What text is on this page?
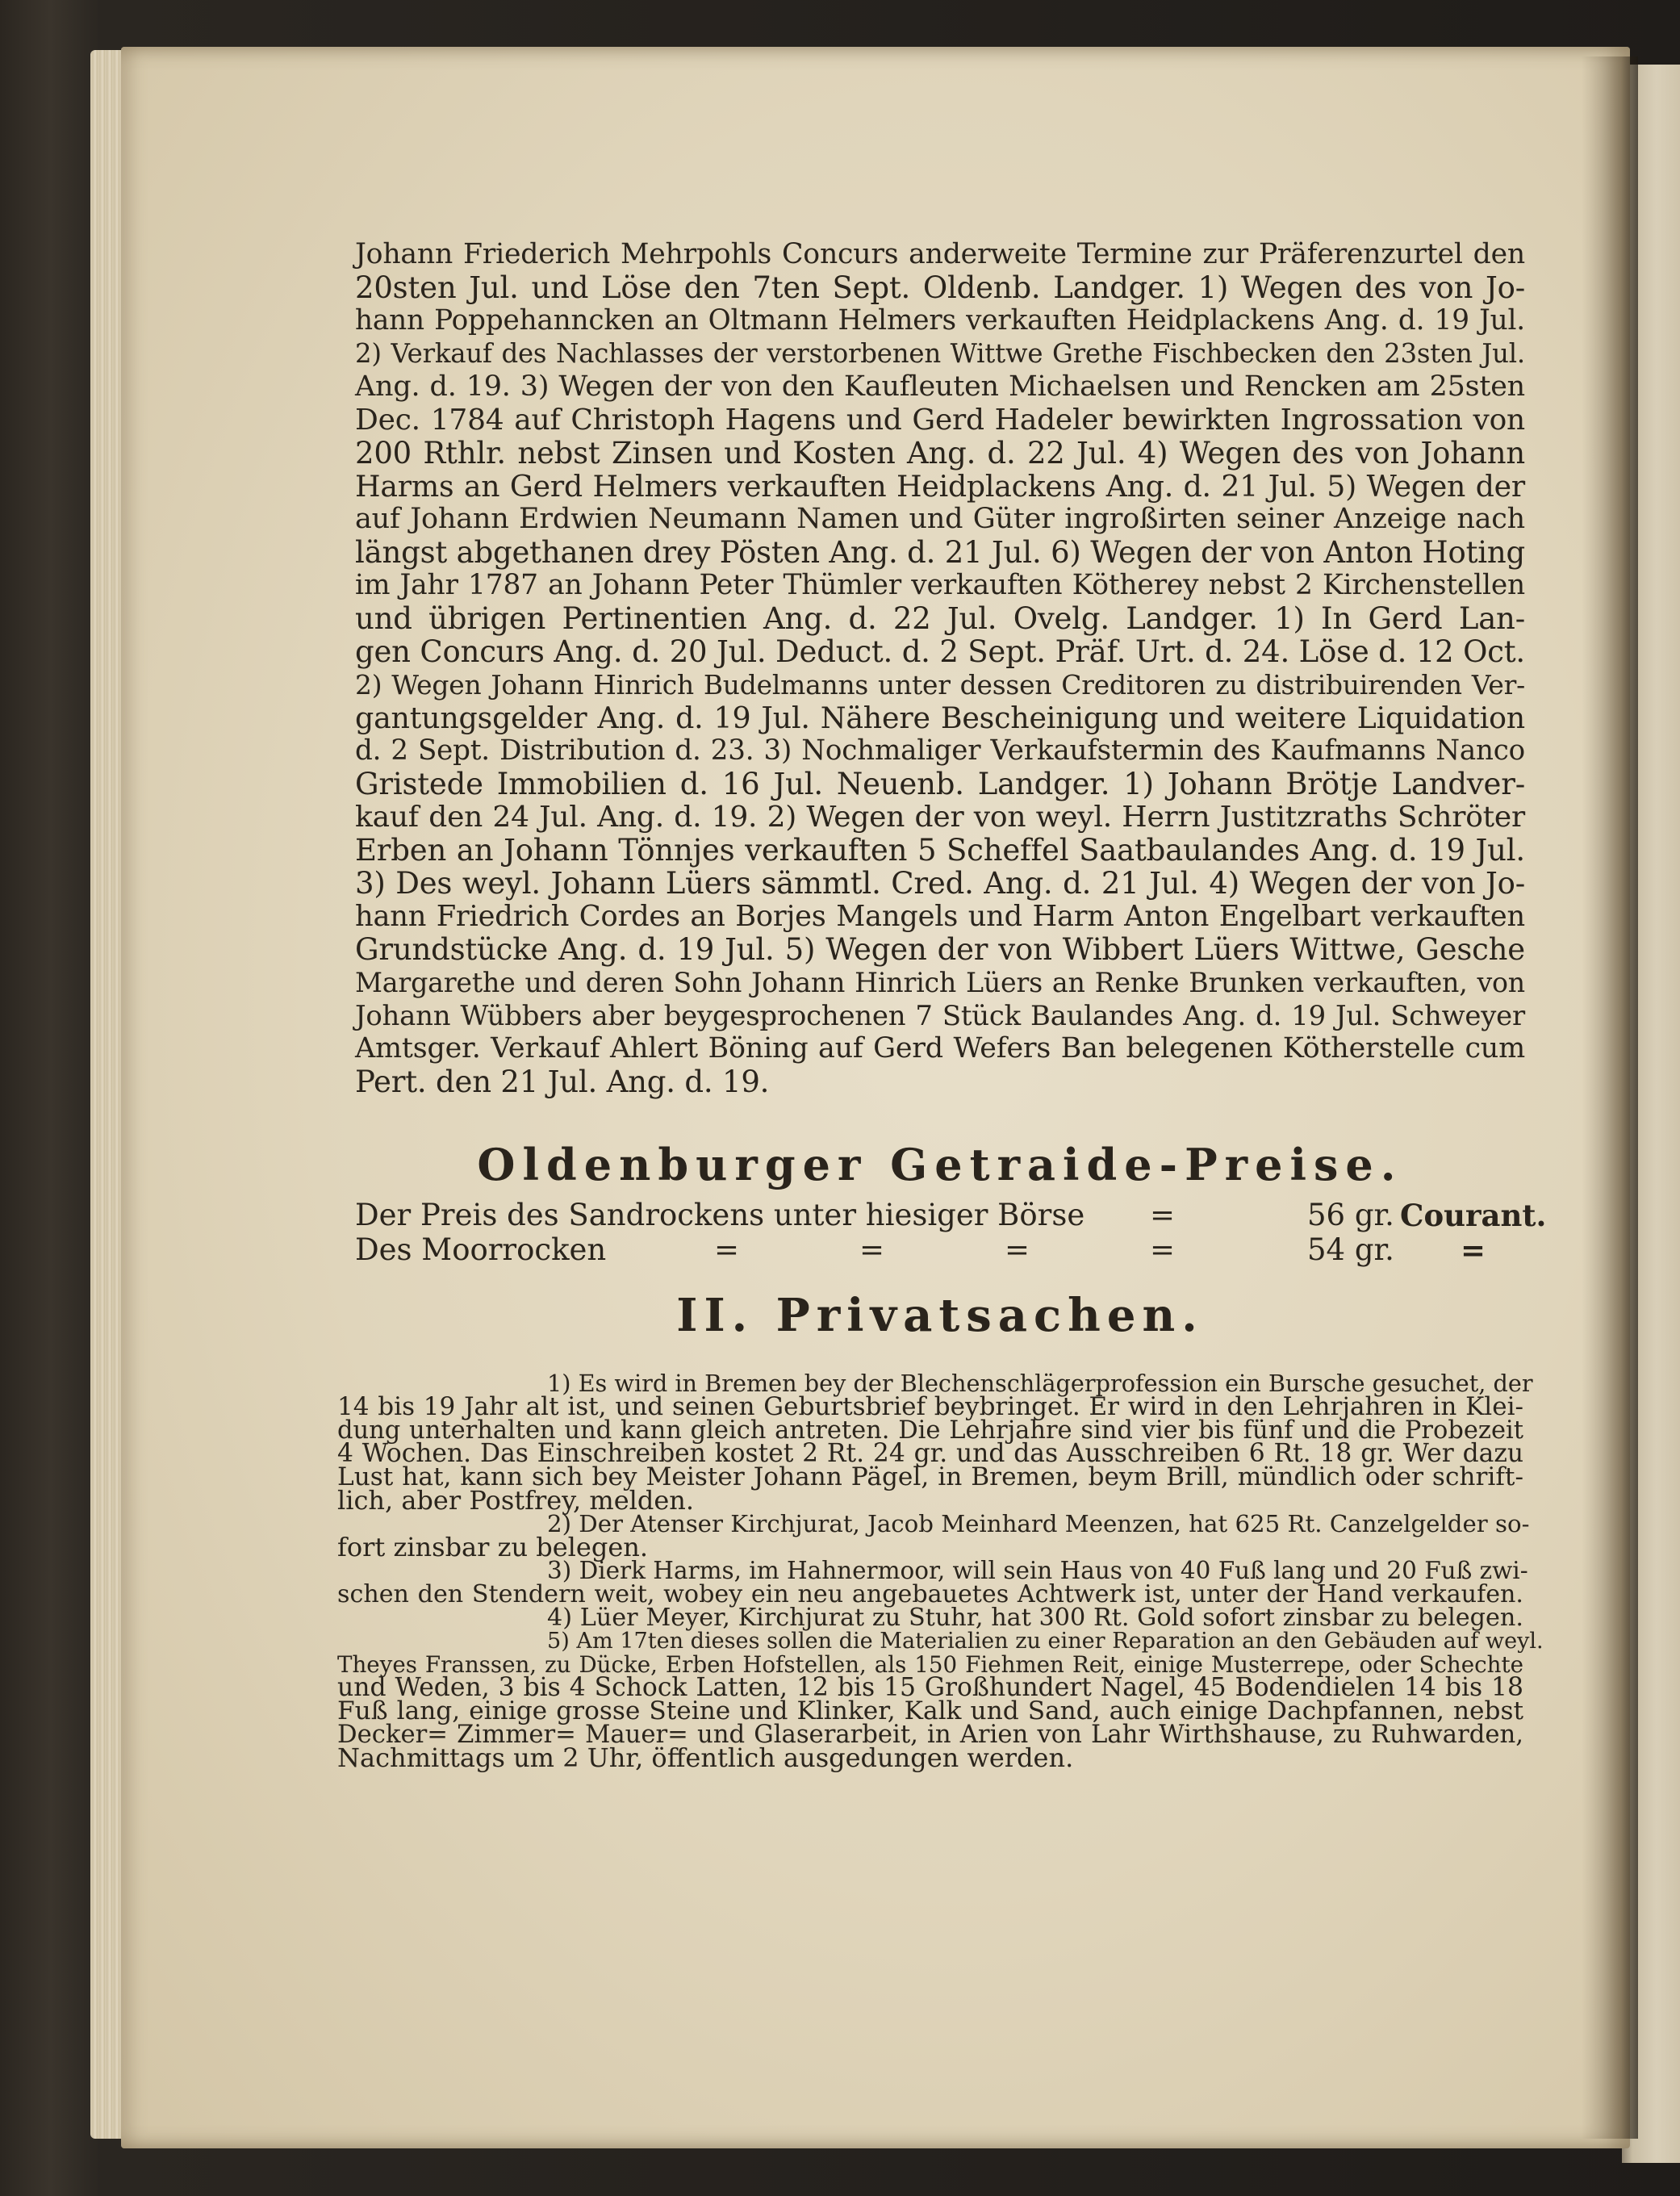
Johann Friederich Mehrpohls Concurs anderweite Termine zur Präferenzurtel den
20sten Jul. und Löse den 7ten Sept. Oldenb. Landger. 1) Wegen des von Jo-
hann Poppehanncken an Oltmann Helmers verkauften Heidplackens Ang. d. 19 Jul.
2) Verkauf des Nachlasses der verstorbenen Wittwe Grethe Fischbecken den 23sten Jul.
Ang. d. 19. 3) Wegen der von den Kaufleuten Michaelsen und Rencken am 25sten
Dec. 1784 auf Christoph Hagens und Gerd Hadeler bewirkten Ingrossation von
200 Rthlr. nebst Zinsen und Kosten Ang. d. 22 Jul. 4) Wegen des von Johann
Harms an Gerd Helmers verkauften Heidplackens Ang. d. 21 Jul. 5) Wegen der
auf Johann Erdwien Neumann Namen und Güter ingroßirten seiner Anzeige nach
längst abgethanen drey Pösten Ang. d. 21 Jul. 6) Wegen der von Anton Hoting
im Jahr 1787 an Johann Peter Thümler verkauften Kötherey nebst 2 Kirchenstellen
und übrigen Pertinentien Ang. d. 22 Jul. Ovelg. Landger. 1) In Gerd Lan-
gen Concurs Ang. d. 20 Jul. Deduct. d. 2 Sept. Präf. Urt. d. 24. Löse d. 12 Oct.
2) Wegen Johann Hinrich Budelmanns unter dessen Creditoren zu distribuirenden Ver-
gantungsgelder Ang. d. 19 Jul. Nähere Bescheinigung und weitere Liquidation
d. 2 Sept. Distribution d. 23. 3) Nochmaliger Verkaufstermin des Kaufmanns Nanco
Gristede Immobilien d. 16 Jul. Neuenb. Landger. 1) Johann Brötje Landver-
kauf den 24 Jul. Ang. d. 19. 2) Wegen der von weyl. Herrn Justitzraths Schröter
Erben an Johann Tönnjes verkauften 5 Scheffel Saatbaulandes Ang. d. 19 Jul.
3) Des weyl. Johann Lüers sämmtl. Cred. Ang. d. 21 Jul. 4) Wegen der von Jo-
hann Friedrich Cordes an Borjes Mangels und Harm Anton Engelbart verkauften
Grundstücke Ang. d. 19 Jul. 5) Wegen der von Wibbert Lüers Wittwe, Gesche
Margarethe und deren Sohn Johann Hinrich Lüers an Renke Brunken verkauften, von
Johann Wübbers aber beygesprochenen 7 Stück Baulandes Ang. d. 19 Jul. Schweyer
Amtsger. Verkauf Ahlert Böning auf Gerd Wefers Ban belegenen Kötherstelle cum
Pert. den 21 Jul. Ang. d. 19.
Oldenburger Getraide-Preise.
Der Preis des Sandrockens unter hiesiger Börse =	56 gr. Courant.
Des Moorrocken	=	=	=	=	54 gr. =
II. Privatsachen.
1) Es wird in Bremen bey der Blechenschlägerprofession ein Bursche gesuchet, der
14 bis 19 Jahr alt ist, und seinen Geburtsbrief beybringet. Er wird in den Lehrjahren in Klei-
dung unterhalten und kann gleich antreten. Die Lehrjahre sind vier bis fünf und die Probezeit
4 Wochen. Das Einschreiben kostet 2 Rt. 24 gr. und das Ausschreiben 6 Rt. 18 gr. Wer dazu
Lust hat, kann sich bey Meister Johann Pägel, in Bremen, beym Brill, mündlich oder schrift-
lich, aber Postfrey, melden.
2) Der Atenser Kirchjurat, Jacob Meinhard Meenzen, hat 625 Rt. Canzelgelder so-
fort zinsbar zu belegen.
3) Dierk Harms, im Hahnermoor, will sein Haus von 40 Fuß lang und 20 Fuß zwi-
schen den Stendern weit, wobey ein neu angebauetes Achtwerk ist, unter der Hand verkaufen.
4) Lüer Meyer, Kirchjurat zu Stuhr, hat 300 Rt. Gold sofort zinsbar zu belegen.
5) Am 17ten dieses sollen die Materialien zu einer Reparation an den Gebäuden auf weyl.
Theyes Franssen, zu Dücke, Erben Hofstellen, als 150 Fiehmen Reit, einige Musterrepe, oder Schechte
und Weden, 3 bis 4 Schock Latten, 12 bis 15 Großhundert Nagel, 45 Bodendielen 14 bis 18
Fuß lang, einige grosse Steine und Klinker, Kalk und Sand, auch einige Dachpfannen, nebst
Decker= Zimmer= Mauer= und Glaserarbeit, in Arien von Lahr Wirthshause, zu Ruhwarden,
Nachmittags um 2 Uhr, öffentlich ausgedungen werden.
